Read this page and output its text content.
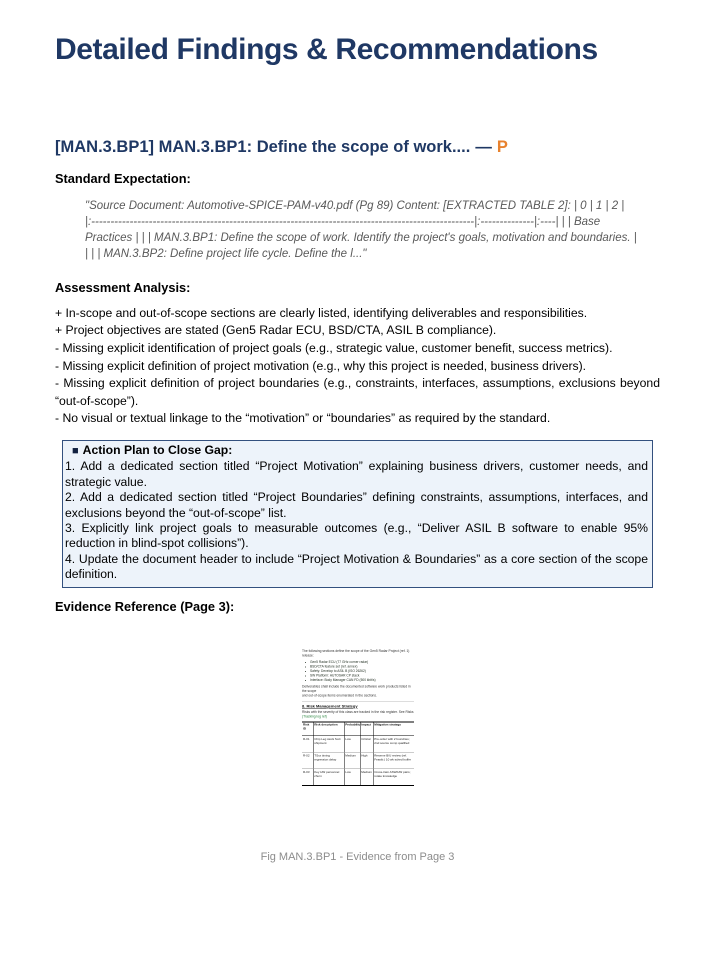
Detailed Findings & Recommendations
[MAN.3.BP1] MAN.3.BP1: Define the scope of work.... — P
Standard Expectation:
"Source Document: Automotive-SPICE-PAM-v40.pdf (Pg 89) Content: [EXTRACTED TABLE 2]: | 0 | 1 | 2 |
|:----------------------------------------------------------------------------------------------------|:--------------|:----| | | Base
Practices | | | MAN.3.BP1: Define the scope of work. Identify the project's goals, motivation and boundaries. |
| | | MAN.3.BP2: Define project life cycle. Define the l..."
Assessment Analysis:
+ In-scope and out-of-scope sections are clearly listed, identifying deliverables and responsibilities.
+ Project objectives are stated (Gen5 Radar ECU, BSD/CTA, ASIL B compliance).
- Missing explicit identification of project goals (e.g., strategic value, customer benefit, success metrics).
- Missing explicit definition of project motivation (e.g., why this project is needed, business drivers).
- Missing explicit definition of project boundaries (e.g., constraints, interfaces, assumptions, exclusions beyond “out-of-scope”).
- No visual or textual linkage to the “motivation” or “boundaries” as required by the standard.
■ Action Plan to Close Gap:
1. Add a dedicated section titled “Project Motivation” explaining business drivers, customer needs, and strategic value.
2. Add a dedicated section titled “Project Boundaries” defining constraints, assumptions, interfaces, and exclusions beyond the “out-of-scope” list.
3. Explicitly link project goals to measurable outcomes (e.g., “Deliver ASIL B software to enable 95% reduction in blind-spot collisions”).
4. Update the document header to include “Project Motivation & Boundaries” as a core section of the scope definition.
Evidence Reference (Page 3):
The following sections define the scope of the Gen5 Radar Project (ref. 1)
release:
• Gen5 Radar ECU (77 GHz corner radar)
• BSD/CTA feature set (ref. annex)
• Safety: Develop to ASIL B (ISO 26262)
• SW Platform: AUTOSAR CP stack
• Interface: Body Manager CAN FD (500 kbit/s)
Deliverables shall include the documented software work products listed in the scope
and out-of-scope items enumerated in the sections.
8. Risk Management Strategy
Risks with the severity of this class are tracked in the risk register. See Risks
(Tracking log ref)
Risk ID	Risk description	Probability	Impact	Mitigation strategy
R-01	Chip Leg stock SoC shipment	Low	Critical	Pre-order with 2 foundries; 2nd source comp qualified
R-02	TSxx timing regression delay	Medium	High	Reserve B/U review (ref. Feasib.) 10 wk sched buffer
R-03	Key HW personnel churn	Low	Medium	Cross-train ASW/HW pairs; rotate knowledge
Fig MAN.3.BP1 - Evidence from Page 3
